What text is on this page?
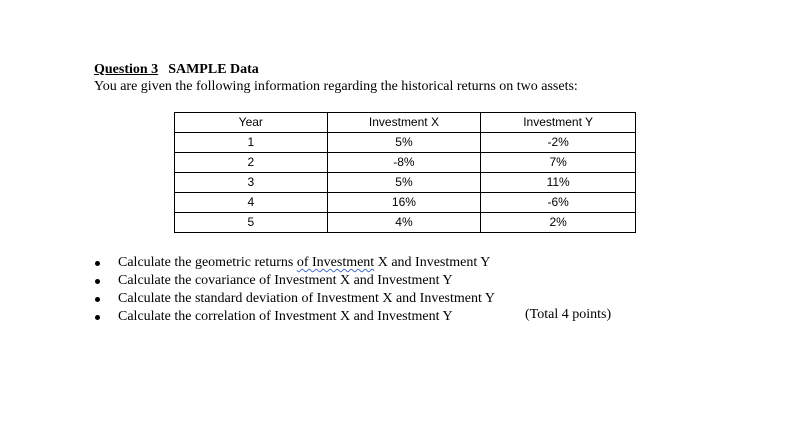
Question 3 SAMPLE Data
You are given the following information regarding the historical returns on two assets:
Year	Investment X	Investment Y
1	5%	-2%
2	-8%	7%
3	5%	11%
4	16%	-6%
5	4%	2%
Calculate the geometric returns of Investment X and Investment Y
Calculate the covariance of Investment X and Investment Y
Calculate the standard deviation of Investment X and Investment Y
Calculate the correlation of Investment X and Investment Y	(Total 4 points)
